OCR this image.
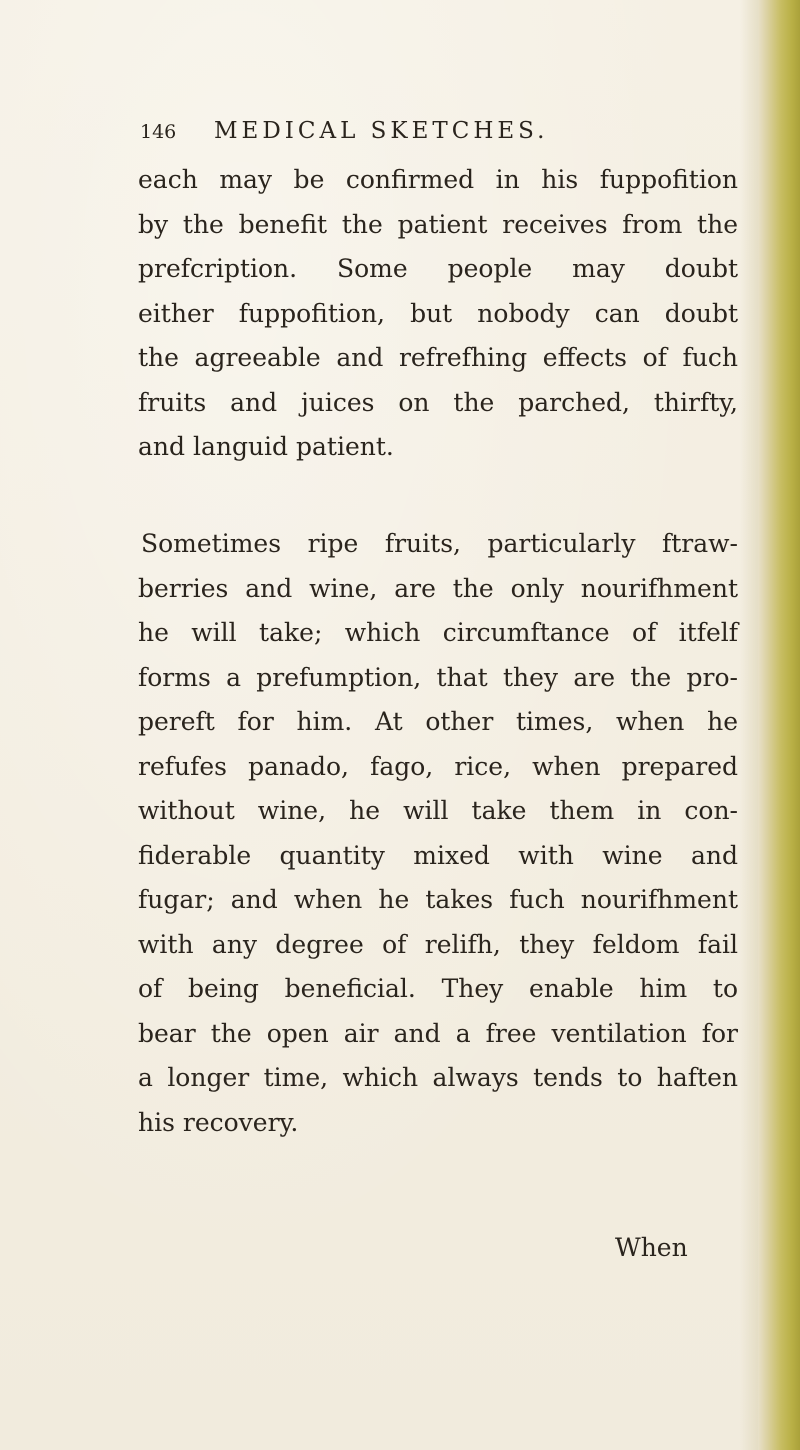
146	MEDICAL SKETCHES.
each may be confirmed in his fuppofition
by the benefit the patient receives from the
prefcription. Some people may doubt
either fuppofition, but nobody can doubt
the agreeable and refrefhing effects of fuch
fruits and juices on the parched, thirfty,
and languid patient.
Sometimes ripe fruits, particularly ftraw-
berries and wine, are the only nourifhment
he will take; which circumftance of itfelf
forms a prefumption, that they are the pro-
pereft for him. At other times, when he
refufes panado, fago, rice, when prepared
without wine, he will take them in con-
fiderable quantity mixed with wine and
fugar; and when he takes fuch nourifhment
with any degree of relifh, they feldom fail
of being beneficial. They enable him to
bear the open air and a free ventilation for
a longer time, which always tends to haften
his recovery.
When
